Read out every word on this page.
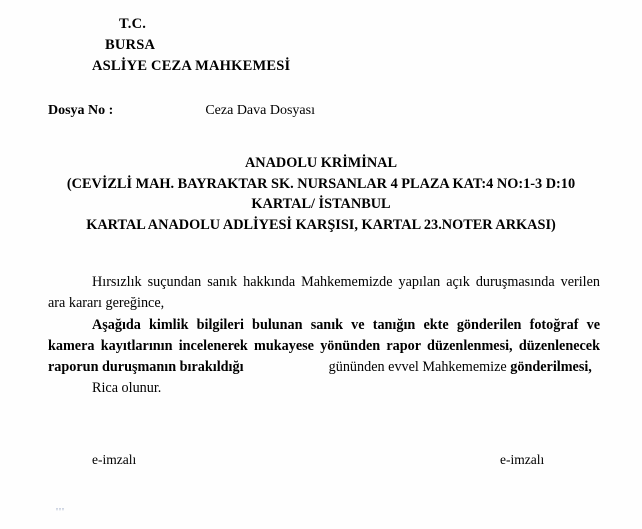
T.C.
BURSA
ASLİYE CEZA MAHKEMESİ
Dosya No :	Ceza Dava Dosyası
ANADOLU KRİMİNAL
(CEVİZLİ MAH. BAYRAKTAR SK. NURSANLAR 4 PLAZA KAT:4 NO:1-3 D:10
KARTAL/ İSTANBUL
KARTAL ANADOLU ADLİYESİ KARŞISI, KARTAL 23.NOTER ARKASI)

Hırsızlık suçundan sanık hakkında Mahkememizde yapılan açık duruşmasında verilen ara kararı gereğince,

Aşağıda kimlik bilgileri bulunan sanık ve tanığın ekte gönderilen fotoğraf ve kamera kayıtlarının incelenerek mukayese yönünden rapor düzenlenmesi, düzenlenecek raporun duruşmanın bırakıldığı	gününden evvel Mahkememize gönderilmesi,

Rica olunur.

e-imzalı	e-imzalı
'''
